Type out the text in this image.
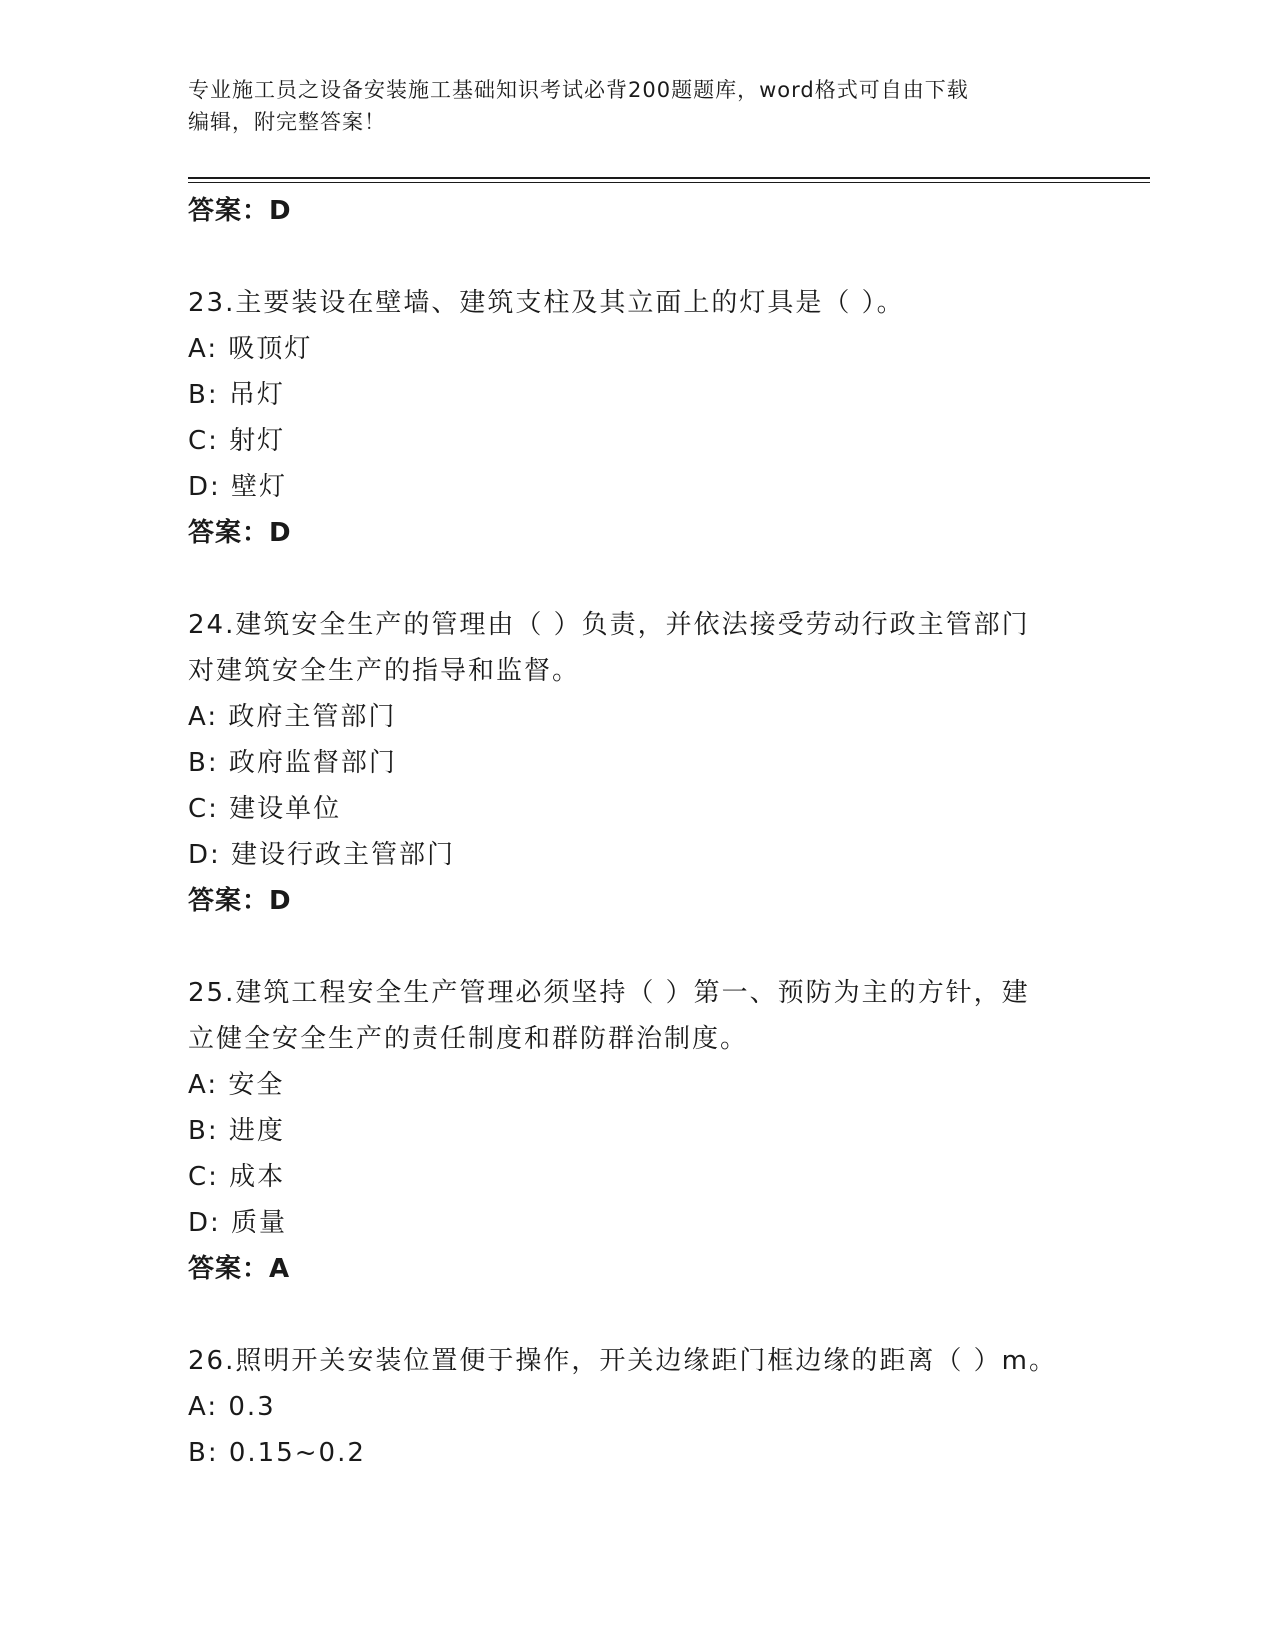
专业施工员之设备安装施工基础知识考试必背200题题库，word格式可自由下载
编辑，附完整答案！
答案：D
23.主要装设在壁墙、建筑支柱及其立面上的灯具是（ ）。
A: 吸顶灯
B: 吊灯
C: 射灯
D: 壁灯
答案：D
24.建筑安全生产的管理由（ ）负责，并依法接受劳动行政主管部门
对建筑安全生产的指导和监督。
A: 政府主管部门
B: 政府监督部门
C: 建设单位
D: 建设行政主管部门
答案：D
25.建筑工程安全生产管理必须坚持（ ）第一、预防为主的方针，建
立健全安全生产的责任制度和群防群治制度。
A: 安全
B: 进度
C: 成本
D: 质量
答案：A
26.照明开关安装位置便于操作，开关边缘距门框边缘的距离（ ）m。
A: 0.3
B: 0.15~0.2
